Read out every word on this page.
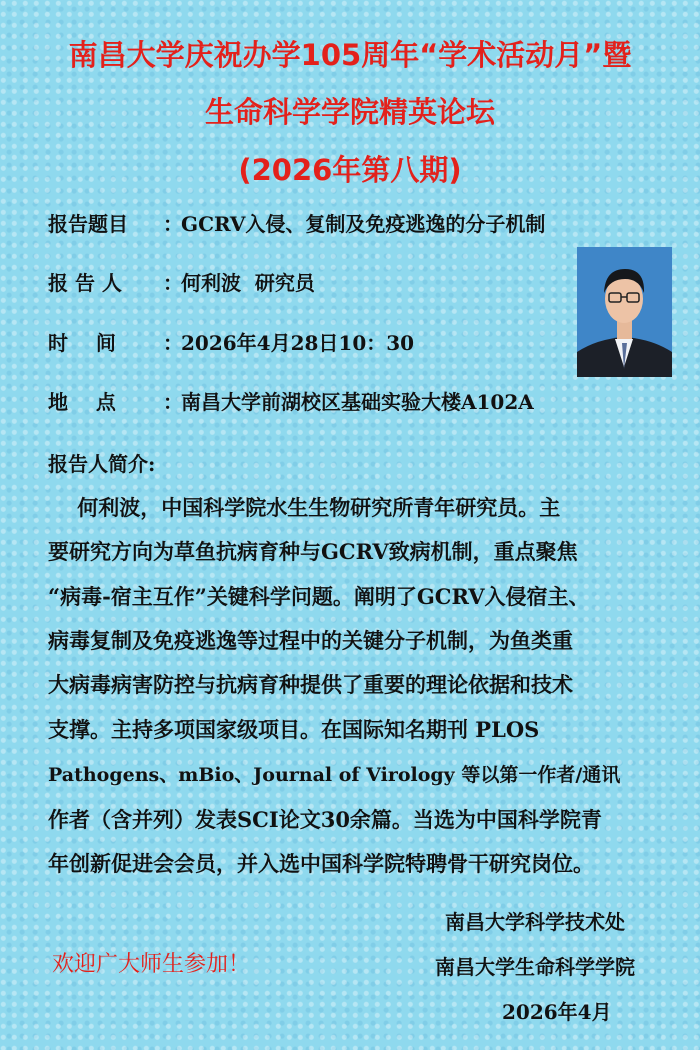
南昌大学庆祝办学105周年“学术活动月”暨
生命科学学院精英论坛
(2026年第八期)
报告题目 ：GCRV入侵、复制及免疫逃逸的分子机制
报 告 人 ：何利波  研究员
时    间 ：2026年4月28日10：30
地    点 ：南昌大学前湖校区基础实验大楼A102A
报告人简介:
何利波，中国科学院水生生物研究所青年研究员。主
要研究方向为草鱼抗病育种与GCRV致病机制，重点聚焦
“病毒-宿主互作”关键科学问题。阐明了GCRV入侵宿主、
病毒复制及免疫逃逸等过程中的关键分子机制，为鱼类重
大病毒病害防控与抗病育种提供了重要的理论依据和技术
支撑。主持多项国家级项目。在国际知名期刊 PLOS
Pathogens、mBio、Journal of Virology 等以第一作者/通讯
作者（含并列）发表SCI论文30余篇。当选为中国科学院青
年创新促进会会员，并入选中国科学院特聘骨干研究岗位。
欢迎广大师生参加！
南昌大学科学技术处
南昌大学生命科学学院
2026年4月
